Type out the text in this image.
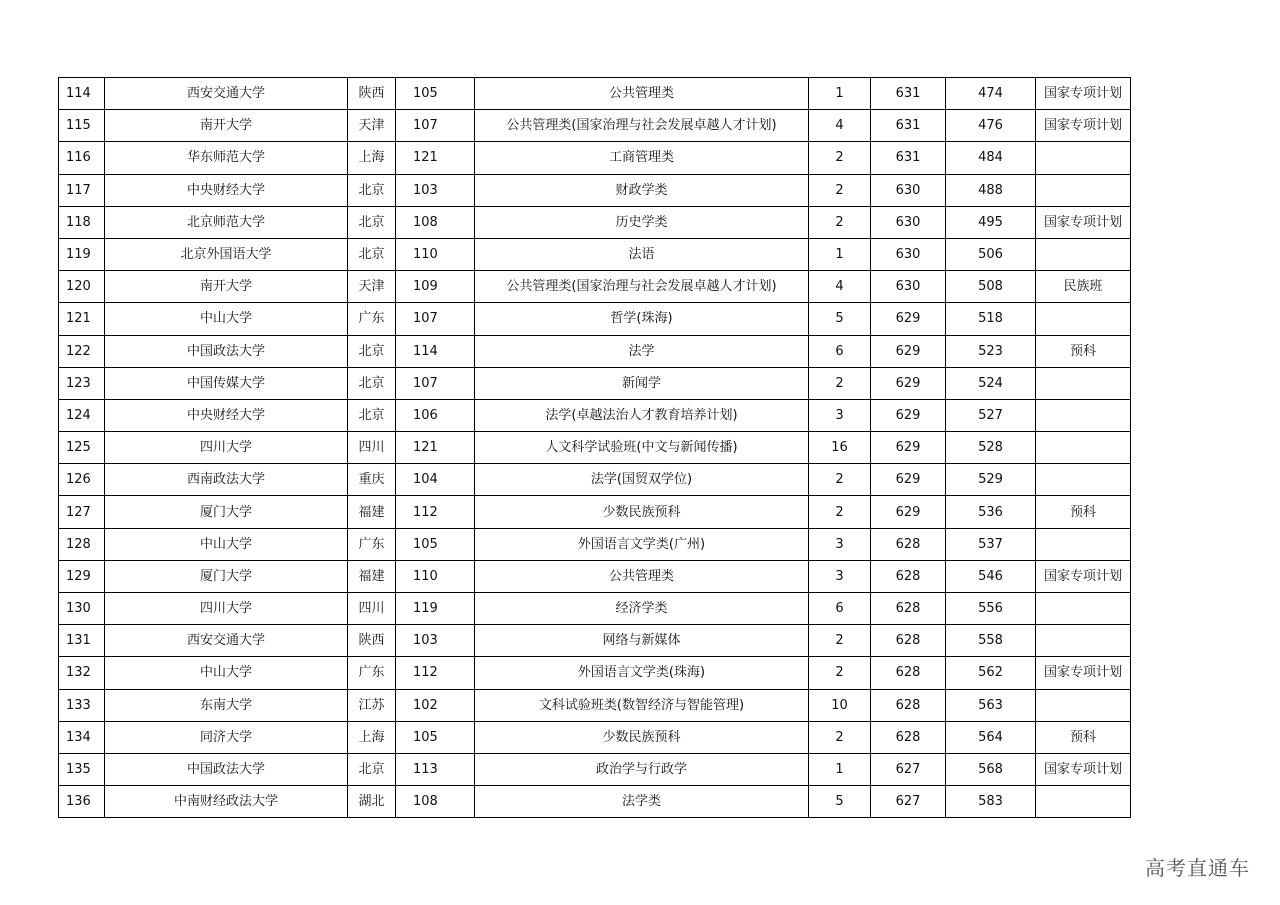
114	西安交通大学	陕西	105	公共管理类	1	631	474	国家专项计划
115	南开大学	天津	107	公共管理类(国家治理与社会发展卓越人才计划)	4	631	476	国家专项计划
116	华东师范大学	上海	121	工商管理类	2	631	484	
117	中央财经大学	北京	103	财政学类	2	630	488	
118	北京师范大学	北京	108	历史学类	2	630	495	国家专项计划
119	北京外国语大学	北京	110	法语	1	630	506	
120	南开大学	天津	109	公共管理类(国家治理与社会发展卓越人才计划)	4	630	508	民族班
121	中山大学	广东	107	哲学(珠海)	5	629	518	
122	中国政法大学	北京	114	法学	6	629	523	预科
123	中国传媒大学	北京	107	新闻学	2	629	524	
124	中央财经大学	北京	106	法学(卓越法治人才教育培养计划)	3	629	527	
125	四川大学	四川	121	人文科学试验班(中文与新闻传播)	16	629	528	
126	西南政法大学	重庆	104	法学(国贸双学位)	2	629	529	
127	厦门大学	福建	112	少数民族预科	2	629	536	预科
128	中山大学	广东	105	外国语言文学类(广州)	3	628	537	
129	厦门大学	福建	110	公共管理类	3	628	546	国家专项计划
130	四川大学	四川	119	经济学类	6	628	556	
131	西安交通大学	陕西	103	网络与新媒体	2	628	558	
132	中山大学	广东	112	外国语言文学类(珠海)	2	628	562	国家专项计划
133	东南大学	江苏	102	文科试验班类(数智经济与智能管理)	10	628	563	
134	同济大学	上海	105	少数民族预科	2	628	564	预科
135	中国政法大学	北京	113	政治学与行政学	1	627	568	国家专项计划
136	中南财经政法大学	湖北	108	法学类	5	627	583	
高考直通车
